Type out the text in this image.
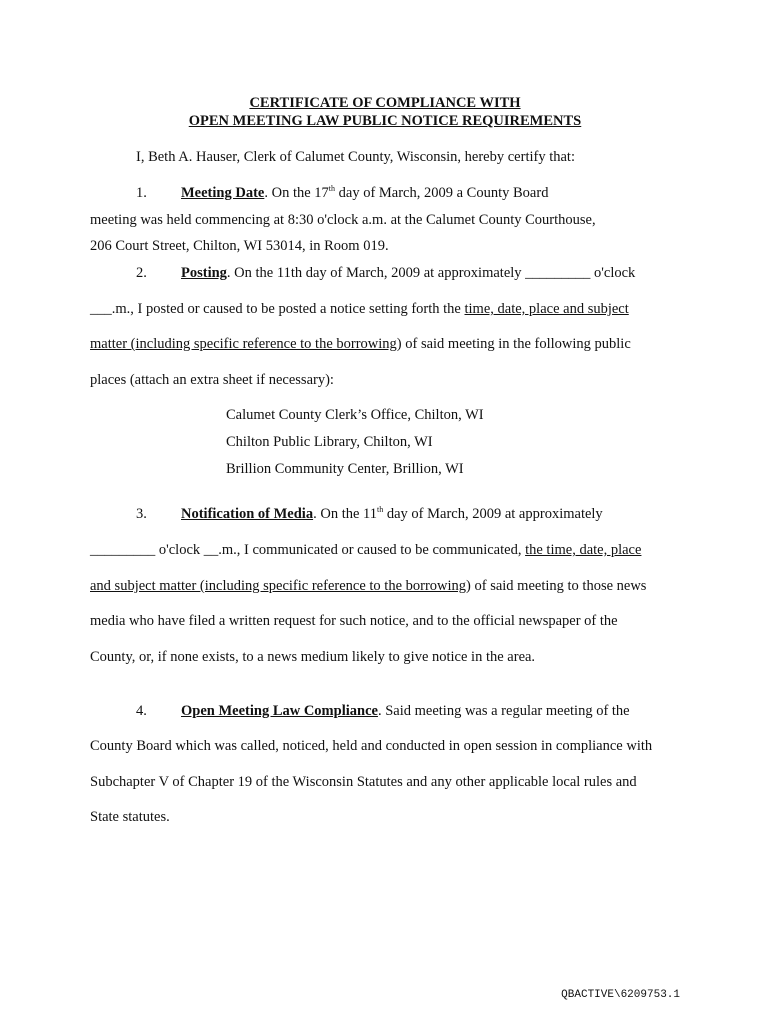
CERTIFICATE OF COMPLIANCE WITH
OPEN MEETING LAW PUBLIC NOTICE REQUIREMENTS
I, Beth A. Hauser, Clerk of Calumet County, Wisconsin, hereby certify that:
1. Meeting Date. On the 17th day of March, 2009 a County Board
meeting was held commencing at 8:30 o'clock a.m. at the Calumet County Courthouse,
206 Court Street, Chilton, WI 53014, in Room 019.
2. Posting. On the 11th day of March, 2009 at approximately _________ o'clock
___.m., I posted or caused to be posted a notice setting forth the time, date, place and subject
matter (including specific reference to the borrowing) of said meeting in the following public
places (attach an extra sheet if necessary):
Calumet County Clerk’s Office, Chilton, WI
Chilton Public Library, Chilton, WI
Brillion Community Center, Brillion, WI
3. Notification of Media. On the 11th day of March, 2009 at approximately
_________ o'clock __.m., I communicated or caused to be communicated, the time, date, place
and subject matter (including specific reference to the borrowing) of said meeting to those news
media who have filed a written request for such notice, and to the official newspaper of the
County, or, if none exists, to a news medium likely to give notice in the area.
4. Open Meeting Law Compliance. Said meeting was a regular meeting of the
County Board which was called, noticed, held and conducted in open session in compliance with
Subchapter V of Chapter 19 of the Wisconsin Statutes and any other applicable local rules and
State statutes.
QBACTIVE\6209753.1
